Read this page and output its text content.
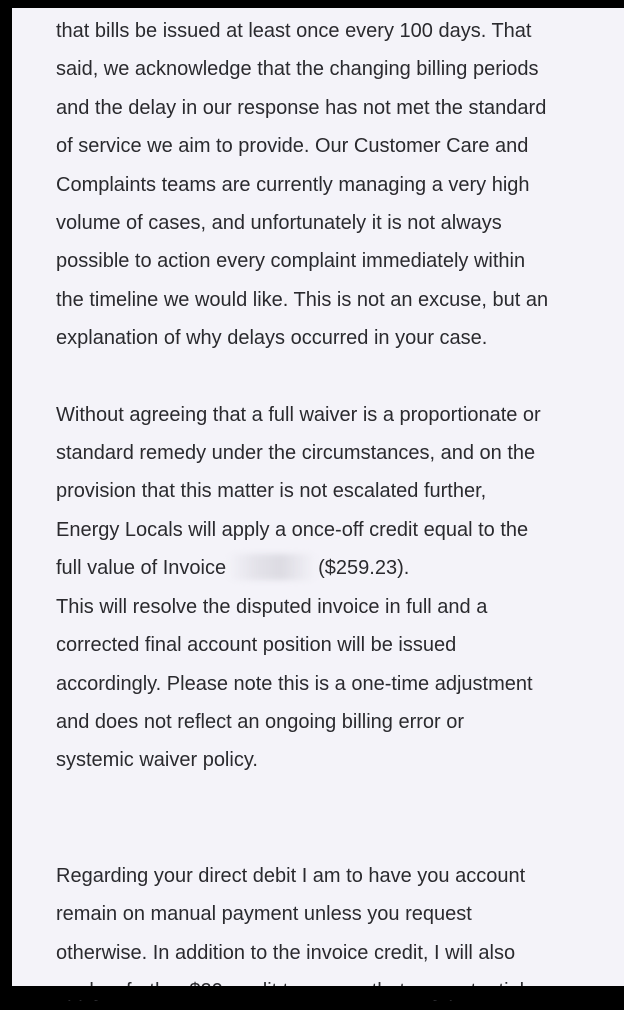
that bills be issued at least once every 100 days. That
said, we acknowledge that the changing billing periods
and the delay in our response has not met the standard
of service we aim to provide. Our Customer Care and
Complaints teams are currently managing a very high
volume of cases, and unfortunately it is not always
possible to action every complaint immediately within
the timeline we would like. This is not an excuse, but an
explanation of why delays occurred in your case.
Without agreeing that a full waiver is a proportionate or
standard remedy under the circumstances, and on the
provision that this matter is not escalated further,
Energy Locals will apply a once-off credit equal to the
full value of Invoice	($259.23).
This will resolve the disputed invoice in full and a
corrected final account position will be issued
accordingly. Please note this is a one-time adjustment
and does not reflect an ongoing billing error or
systemic waiver policy.
Regarding your direct debit I am to have you account
remain on manual payment unless you request
otherwise. In addition to the invoice credit, I will also
